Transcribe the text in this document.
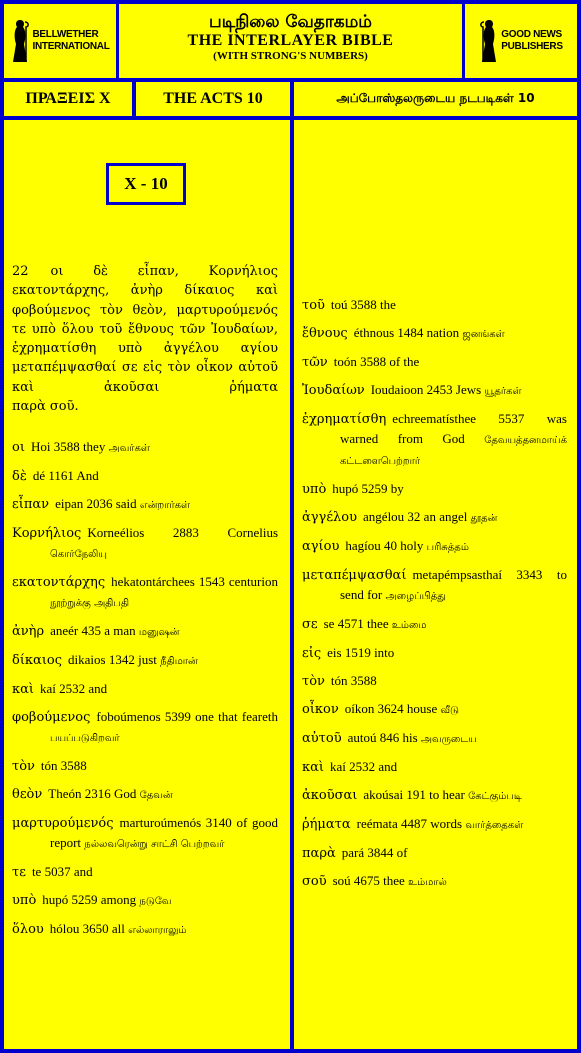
BELLWETHER
INTERNATIONAL
படிநிலை வேதாகமம்
THE INTERLAYER BIBLE
(WITH STRONG'S NUMBERS)
GOOD NEWS
PUBLISHERS
ΠΡΑΞΕΙΣ Χ	THE ACTS 10	அப்போஸ்தலருடைய நடபடிகள் 10
X - 10
22 οι δὲ εἶπαν, Κορνήλιος εκατοντάρχης, ἀνὴρ δίκαιος καὶ φοβούμενος τὸν θεὸν, μαρτυρούμενός τε υπὸ ὅλου τοῦ ἔθνους τῶν Ἰουδαίων, ἐχρηματίσθη υπὸ ἀγγέλου αγίου μεταπέμψασθαί σε εἰς τὸν οἶκον αὐτοῦ καὶ ἀκοῦσαι ῥήματα
παρὰ σοῦ.
οι Hoi 3588 they அவர்கள்
δὲ dé 1161 And
εἶπαν eipan 2036 said என்றார்கள்
Κορνήλιος Kornеélios 2883 Cornelius கொர்நேலியு
εκατοντάρχης hekatontárchees 1543 centurion நூற்றுக்கு அதிபதி
ἀνὴρ aneér 435 a man மனுஷன்
δίκαιος dikaios 1342 just நீதிமான்
καὶ kaí 2532 and
φοβούμενος foboúmenos 5399 one that feareth பயப்படுகிறவர்
τὸν tón 3588
θεὸν Theón 2316 God தேவன்
μαρτυρούμενός marturoúmenós 3140 of good report நல்லவரென்று சாட்சி பெற்றவர்
τε te 5037 and
υπὸ hupó 5259 among நடுவே
ὅλου hólou 3650 all எல்லாராலும்
τοῦ toú 3588 the
ἔθνους éthnous 1484 nation ஜனங்கள்
τῶν toón 3588 of the
Ἰουδαίων Ioudaioon 2453 Jews யூதர்கள்
ἐχρηματίσθη echreematísthee 5537 was warned from God தேவயத்தனமாய்க் கட்டளைபெற்றார்
υπὸ hupó 5259 by
ἀγγέλου angélou 32 an angel தூதன்
αγίου hagíou 40 holy பரிசுத்தம்
μεταπέμψασθαί metapémpsasthaí 3343 to send for அழைப்பித்து
σε se 4571 thee உம்மை
εἰς eis 1519 into
τὸν tón 3588
οἶκον oíkon 3624 house வீடு
αὐτοῦ autoú 846 his அவருடைய
καὶ kaí 2532 and
ἀκοῦσαι akoúsai 191 to hear கேட்கும்படி
ῥήματα reémata 4487 words வார்த்தைகள்
παρὰ pará 3844 of
σοῦ soú 4675 thee உம்மால்
